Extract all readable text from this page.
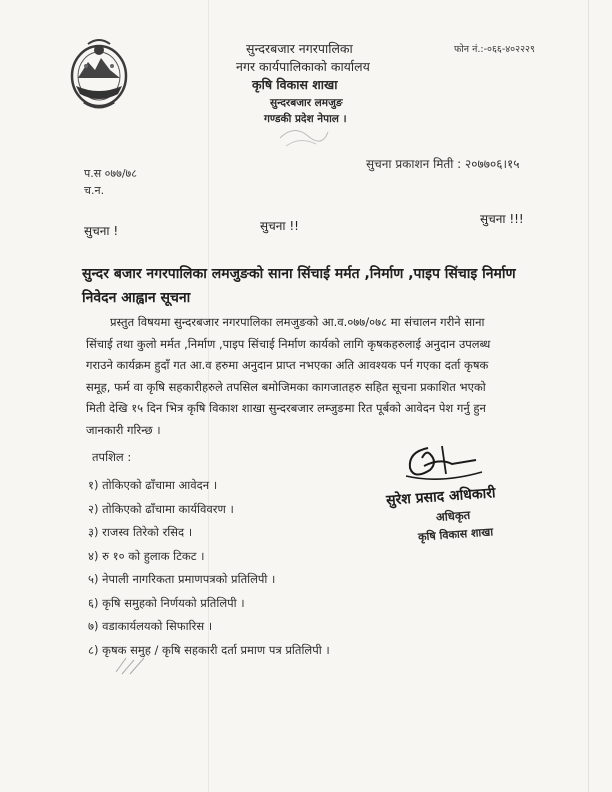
सुन्दरबजार नगरपालिका
नगर कार्यपालिकाको कार्यालय
कृषि विकास शाखा
सुन्दरबजार लमजुङ
गण्डकी प्रदेश नेपाल ।
फोन नं.:-०६६-४०२२२९
प.स ०७७/७८
च.न.
सुचना प्रकाशन मिती : २०७७०६।१५
सुचना !	सुचना !!	सुचना !!!
सुन्दर बजार नगरपालिका लमजुङको साना सिंचाई मर्मत ,निर्माण ,पाइप सिंचाइ निर्माण
निवेदन आह्वान सूचना
प्रस्तुत विषयमा सुन्दरबजार नगरपालिका लमजुङको आ.व.०७७/०७८ मा संचालन गरीने साना
सिंचाई तथा कुलो मर्मत ,निर्माण ,पाइप सिंचाई निर्माण कार्यको लागि कृषकहरुलाई अनुदान उपलब्ध
गराउने कार्यक्रम हुदाँ गत आ.व हरुमा अनुदान प्राप्त नभएका अति आवश्यक पर्न गएका दर्ता कृषक
समूह, फर्म वा कृषि सहकारीहरुले तपसिल बमोजिमका कागजातहरु सहित सूचना प्रकाशित भएको
मिती देखि १५ दिन भित्र कृषि विकाश शाखा सुन्दरबजार लम्जुङमा रित पूर्बको आवेदन पेश गर्नु हुन
जानकारी गरिन्छ ।
तपशिल :
१) तोकिएको ढाँचामा आवेदन ।
२) तोकिएको ढाँचामा कार्यविवरण ।
३) राजस्व तिरेको रसिद ।
४) रु १० को हुलाक टिकट ।
५) नेपाली नागरिकता प्रमाणपत्रको प्रतिलिपी ।
६) कृषि समुहको निर्णयको प्रतिलिपी ।
७) वडाकार्यलयको सिफारिस ।
८) कृषक समुह / कृषि सहकारी दर्ता प्रमाण पत्र प्रतिलिपी ।
सुरेश प्रसाद अधिकारी
अधिकृत
कृषि विकास शाखा
